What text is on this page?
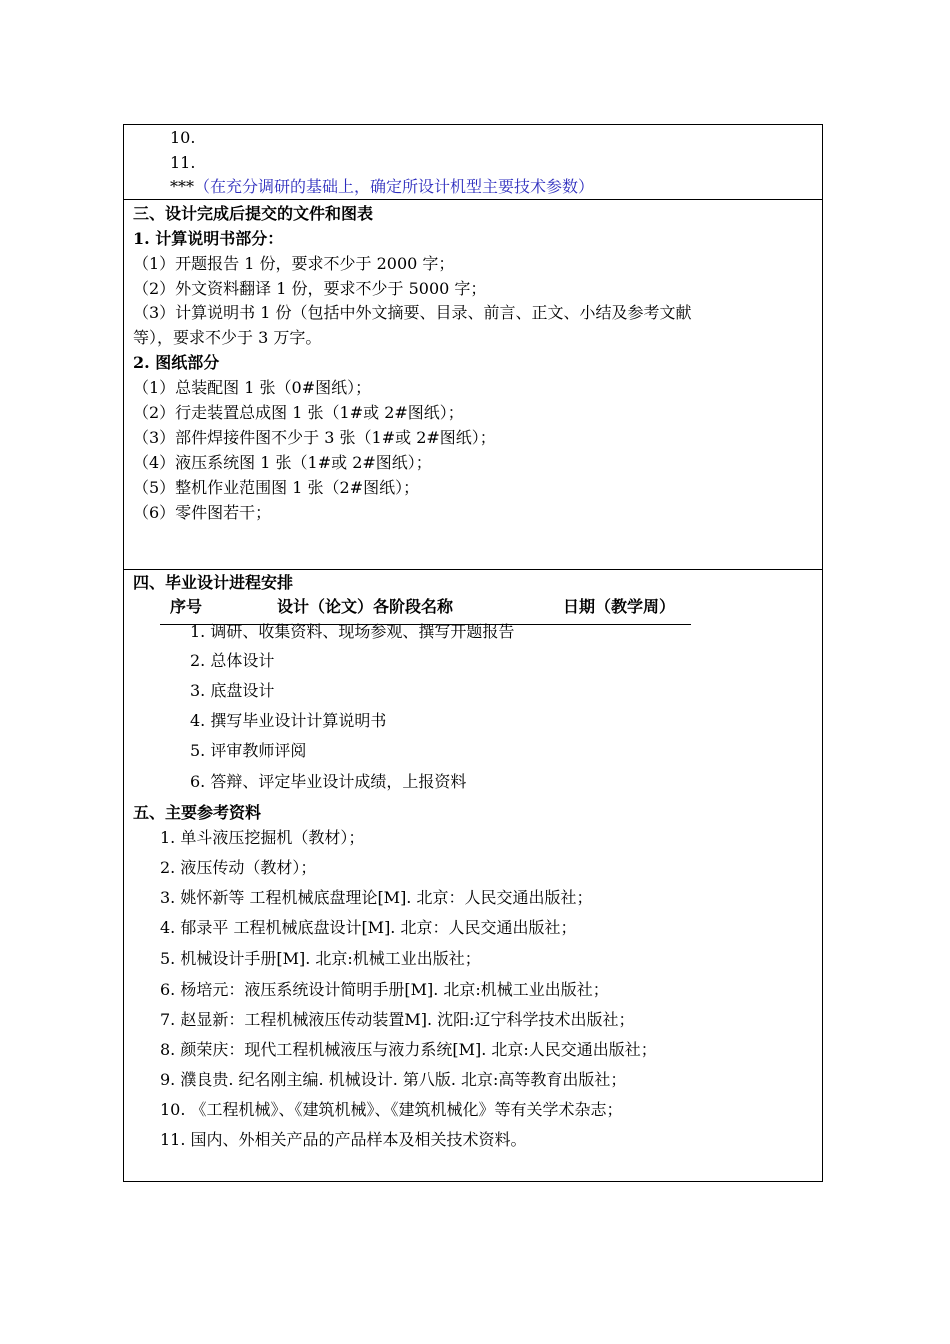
10.
11.
***（在充分调研的基础上，确定所设计机型主要技术参数）
三、设计完成后提交的文件和图表
1. 计算说明书部分：
（1）开题报告 1 份，要求不少于 2000 字；
（2）外文资料翻译 1 份，要求不少于 5000 字；
（3）计算说明书 1 份（包括中外文摘要、目录、前言、正文、小结及参考文献
等），要求不少于 3 万字。
2. 图纸部分
（1）总装配图 1 张（0#图纸）；
（2）行走装置总成图 1 张（1#或 2#图纸）；
（3）部件焊接件图不少于 3 张（1#或 2#图纸）；
（4）液压系统图 1 张（1#或 2#图纸）；
（5）整机作业范围图 1 张（2#图纸）；
（6）零件图若干；
四、毕业设计进程安排
序号	设计（论文）各阶段名称	日期（教学周）
1. 调研、收集资料、现场参观、撰写开题报告
2. 总体设计
3. 底盘设计
4. 撰写毕业设计计算说明书
5. 评审教师评阅
6. 答辩、评定毕业设计成绩，上报资料
五、主要参考资料
1. 单斗液压挖掘机（教材）；
2. 液压传动（教材）；
3. 姚怀新等 工程机械底盘理论[M]. 北京：人民交通出版社；
4. 郁录平 工程机械底盘设计[M]. 北京：人民交通出版社；
5. 机械设计手册[M]. 北京:机械工业出版社；
6. 杨培元：液压系统设计简明手册[M]. 北京:机械工业出版社；
7. 赵显新：工程机械液压传动装置M]. 沈阳:辽宁科学技术出版社；
8. 颜荣庆：现代工程机械液压与液力系统[M]. 北京:人民交通出版社；
9. 濮良贵. 纪名刚主编. 机械设计. 第八版. 北京:高等教育出版社；
10. 《工程机械》、《建筑机械》、《建筑机械化》等有关学术杂志；
11. 国内、外相关产品的产品样本及相关技术资料。
